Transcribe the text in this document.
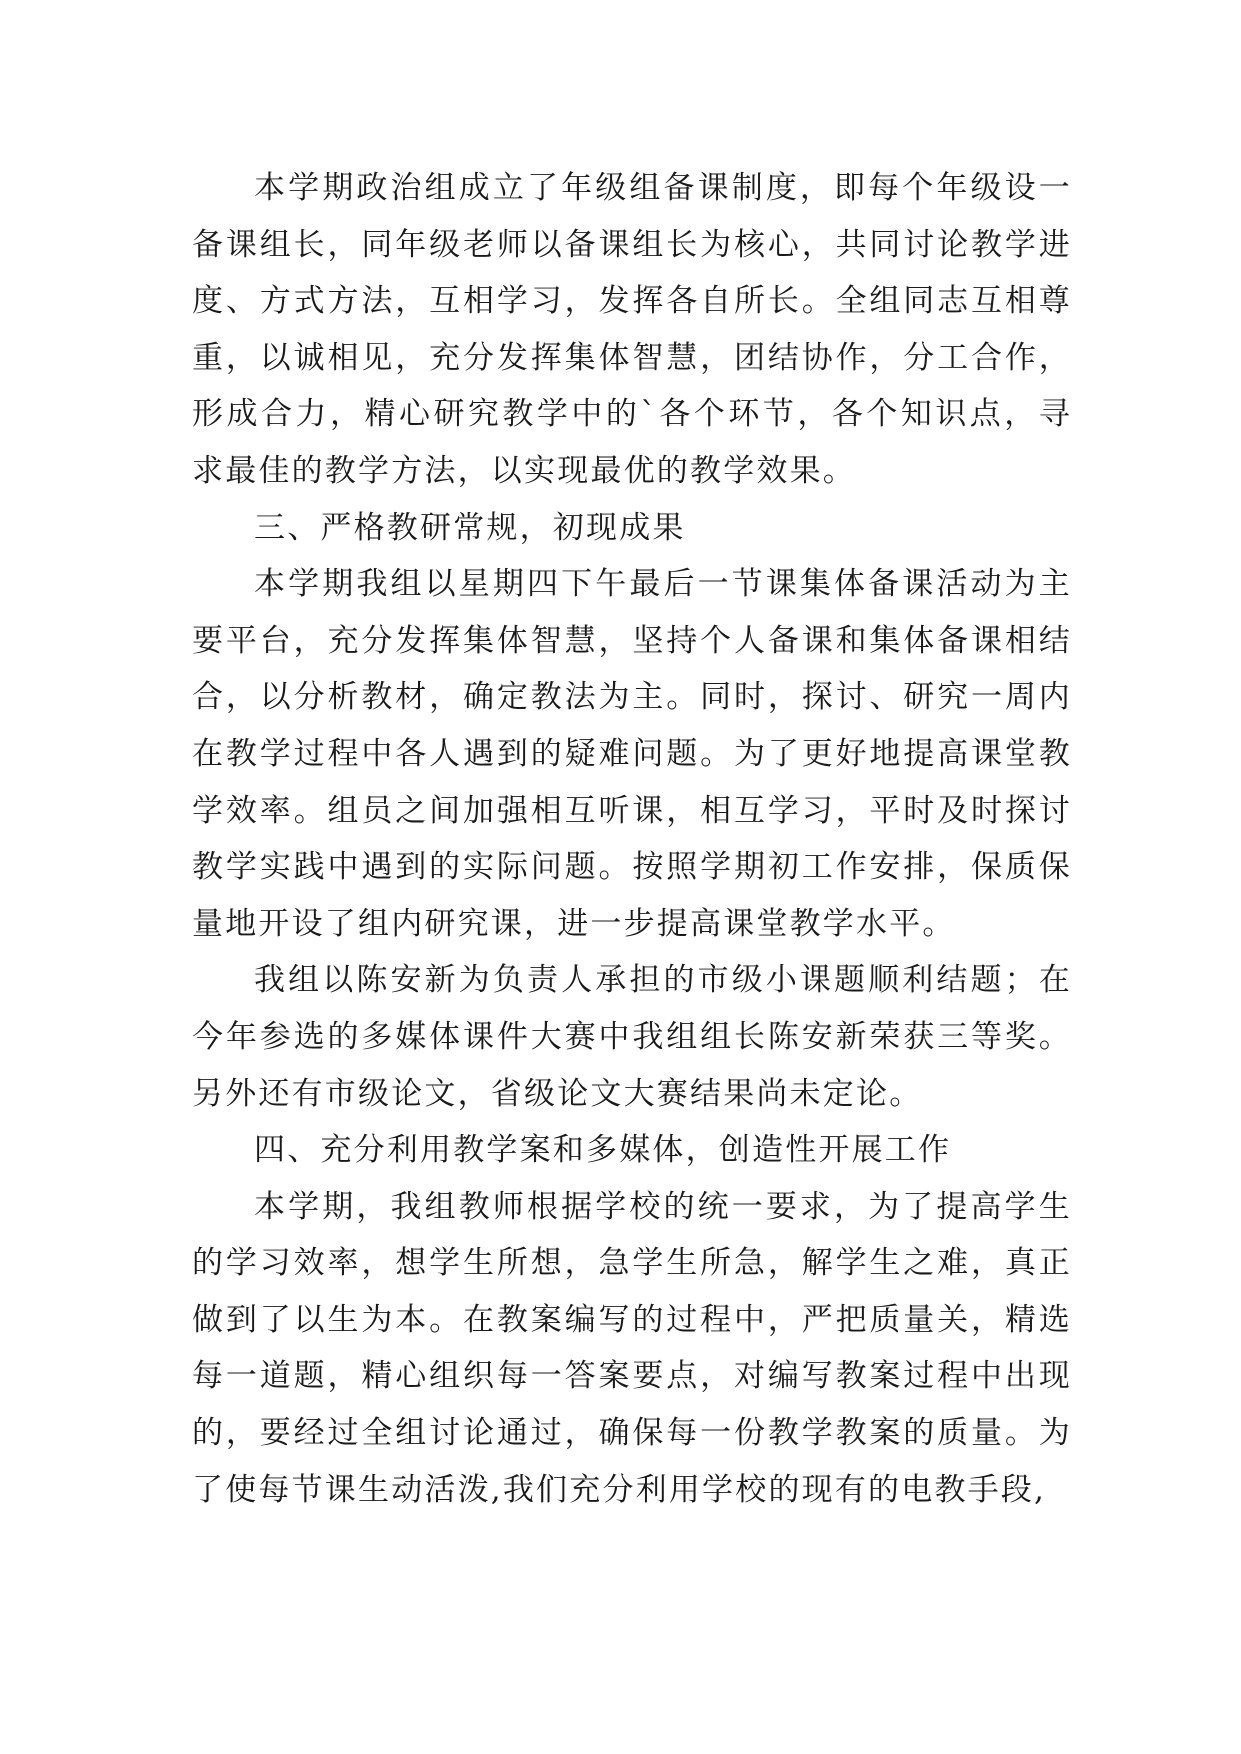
本学期政治组成立了年级组备课制度，即每个年级设一备课组长，同年级老师以备课组长为核心，共同讨论教学进度、方式方法，互相学习，发挥各自所长。全组同志互相尊重，以诚相见，充分发挥集体智慧，团结协作，分工合作，形成合力，精心研究教学中的`各个环节，各个知识点，寻求最佳的教学方法，以实现最优的教学效果。

三、严格教研常规，初现成果

本学期我组以星期四下午最后一节课集体备课活动为主要平台，充分发挥集体智慧，坚持个人备课和集体备课相结合，以分析教材，确定教法为主。同时，探讨、研究一周内在教学过程中各人遇到的疑难问题。为了更好地提高课堂教学效率。组员之间加强相互听课，相互学习，平时及时探讨教学实践中遇到的实际问题。按照学期初工作安排，保质保量地开设了组内研究课，进一步提高课堂教学水平。

我组以陈安新为负责人承担的市级小课题顺利结题；在今年参选的多媒体课件大赛中我组组长陈安新荣获三等奖。另外还有市级论文，省级论文大赛结果尚未定论。

四、充分利用教学案和多媒体，创造性开展工作

本学期，我组教师根据学校的统一要求，为了提高学生的学习效率，想学生所想，急学生所急，解学生之难，真正做到了以生为本。在教案编写的过程中，严把质量关，精选每一道题，精心组织每一答案要点，对编写教案过程中出现的，要经过全组讨论通过，确保每一份教学教案的质量。为了使每节课生动活泼,我们充分利用学校的现有的电教手段,
